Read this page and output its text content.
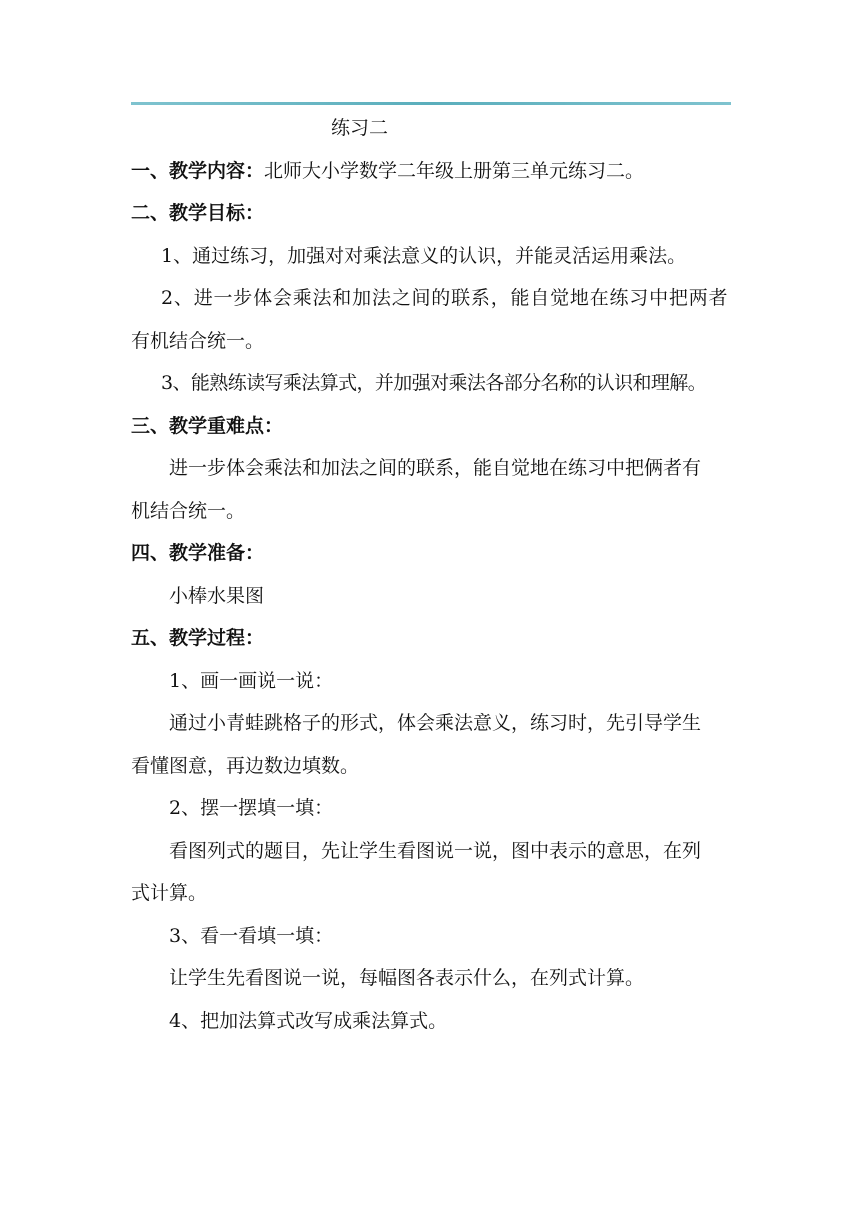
练习二
一、教学内容：北师大小学数学二年级上册第三单元练习二。
二、教学目标：
1、通过练习，加强对对乘法意义的认识，并能灵活运用乘法。
2、进一步体会乘法和加法之间的联系，能自觉地在练习中把两者
有机结合统一。
3、能熟练读写乘法算式，并加强对乘法各部分名称的认识和理解。
三、教学重难点：
进一步体会乘法和加法之间的联系，能自觉地在练习中把俩者有
机结合统一。
四、教学准备：
小棒水果图
五、教学过程：
1、画一画说一说：
通过小青蛙跳格子的形式，体会乘法意义，练习时，先引导学生
看懂图意，再边数边填数。
2、摆一摆填一填：
看图列式的题目，先让学生看图说一说，图中表示的意思，在列
式计算。
3、看一看填一填：
让学生先看图说一说，每幅图各表示什么，在列式计算。
4、把加法算式改写成乘法算式。
